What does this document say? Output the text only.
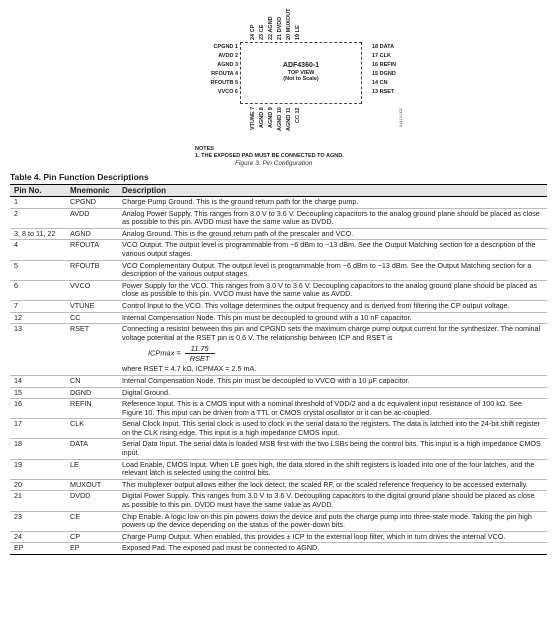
ADF4360-1
TOP VIEW
(Not to Scale)
CPGND 1
AVDD 2
AGND 3
RFOUTA 4
RFOUTB 5
VVCO 6
18 DATA
17 CLK
16 REFIN
15 DGND
14 CN
13 RSET
24 CP 23 CE 22 AGND 21 DVDD 20 MUXOUT 19 LE
VTUNE 7 AGND 8 AGND 9 AGND 10 AGND 11 CC 12	04414-002
NOTES
1. THE EXPOSED PAD MUST BE CONNECTED TO AGND.
Figure 3. Pin Configuration
Table 4. Pin Function Descriptions
Pin No.	Mnemonic	Description
1	CPGND	Charge Pump Ground. This is the ground return path for the charge pump.
2	AVDD	Analog Power Supply. This ranges from 3.0 V to 3.6 V. Decoupling capacitors to the analog ground plane should be placed as close as possible to this pin. AVDD must have the same value as DVDD.
3, 8 to 11, 22	AGND	Analog Ground. This is the ground return path of the prescaler and VCO.
4	RFOUTA	VCO Output. The output level is programmable from −6 dBm to −13 dBm. See the Output Matching section for a description of the various output stages.
5	RFOUTB	VCO Complementary Output. The output level is programmable from −6 dBm to −13 dBm. See the Output Matching section for a description of the various output stages.
6	VVCO	Power Supply for the VCO. This ranges from 3.0 V to 3.6 V. Decoupling capacitors to the analog ground plane should be placed as close as possible to this pin. VVCO must have the same value as AVDD.
7	VTUNE	Control Input to the VCO. This voltage determines the output frequency and is derived from filtering the CP output voltage.
12	CC	Internal Compensation Node. This pin must be decoupled to ground with a 10 nF capacitor.
13	RSET	Connecting a resistor between this pin and CPGND sets the maximum charge pump output current for the synthesizer. The nominal voltage potential at the RSET pin is 0.6 V. The relationship between ICP and RSET is
$ICPmax = \frac{11.75}{\text{RSET}}$
where RSET = 4.7 kΩ, ICPMAX = 2.5 mA.

14	CN	Internal Compensation Node. This pin must be decoupled to VVCO with a 10 μF capacitor.
15	DGND	Digital Ground.
16	REFIN	Reference Input. This is a CMOS input with a nominal threshold of VDD/2 and a dc equivalent input resistance of 100 kΩ. See Figure 10. This input can be driven from a TTL or CMOS crystal oscillator or it can be ac-coupled.
17	CLK	Serial Clock Input. This serial clock is used to clock in the serial data to the registers. The data is latched into the 24-bit shift register on the CLK rising edge. This input is a high impedance CMOS input.
18	DATA	Serial Data Input. The serial data is loaded MSB first with the two LSBs being the control bits. This input is a high impedance CMOS input.
19	LE	Load Enable, CMOS Input. When LE goes high, the data stored in the shift registers is loaded into one of the four latches, and the relevant latch is selected using the control bits.
20	MUXOUT	This multiplexer output allows either the lock detect, the scaled RF, or the scaled reference frequency to be accessed externally.
21	DVDD	Digital Power Supply. This ranges from 3.0 V to 3.6 V. Decoupling capacitors to the digital ground plane should be placed as close as possible to this pin. DVDD must have the same value as AVDD.
23	CE	Chip Enable. A logic low on this pin powers down the device and puts the charge pump into three-state mode. Taking the pin high powers up the device depending on the status of the power-down bits.
24	CP	Charge Pump Output. When enabled, this provides ± ICP to the external loop filter, which in turn drives the internal VCO.
EP	EP	Exposed Pad. The exposed pad must be connected to AGND.
